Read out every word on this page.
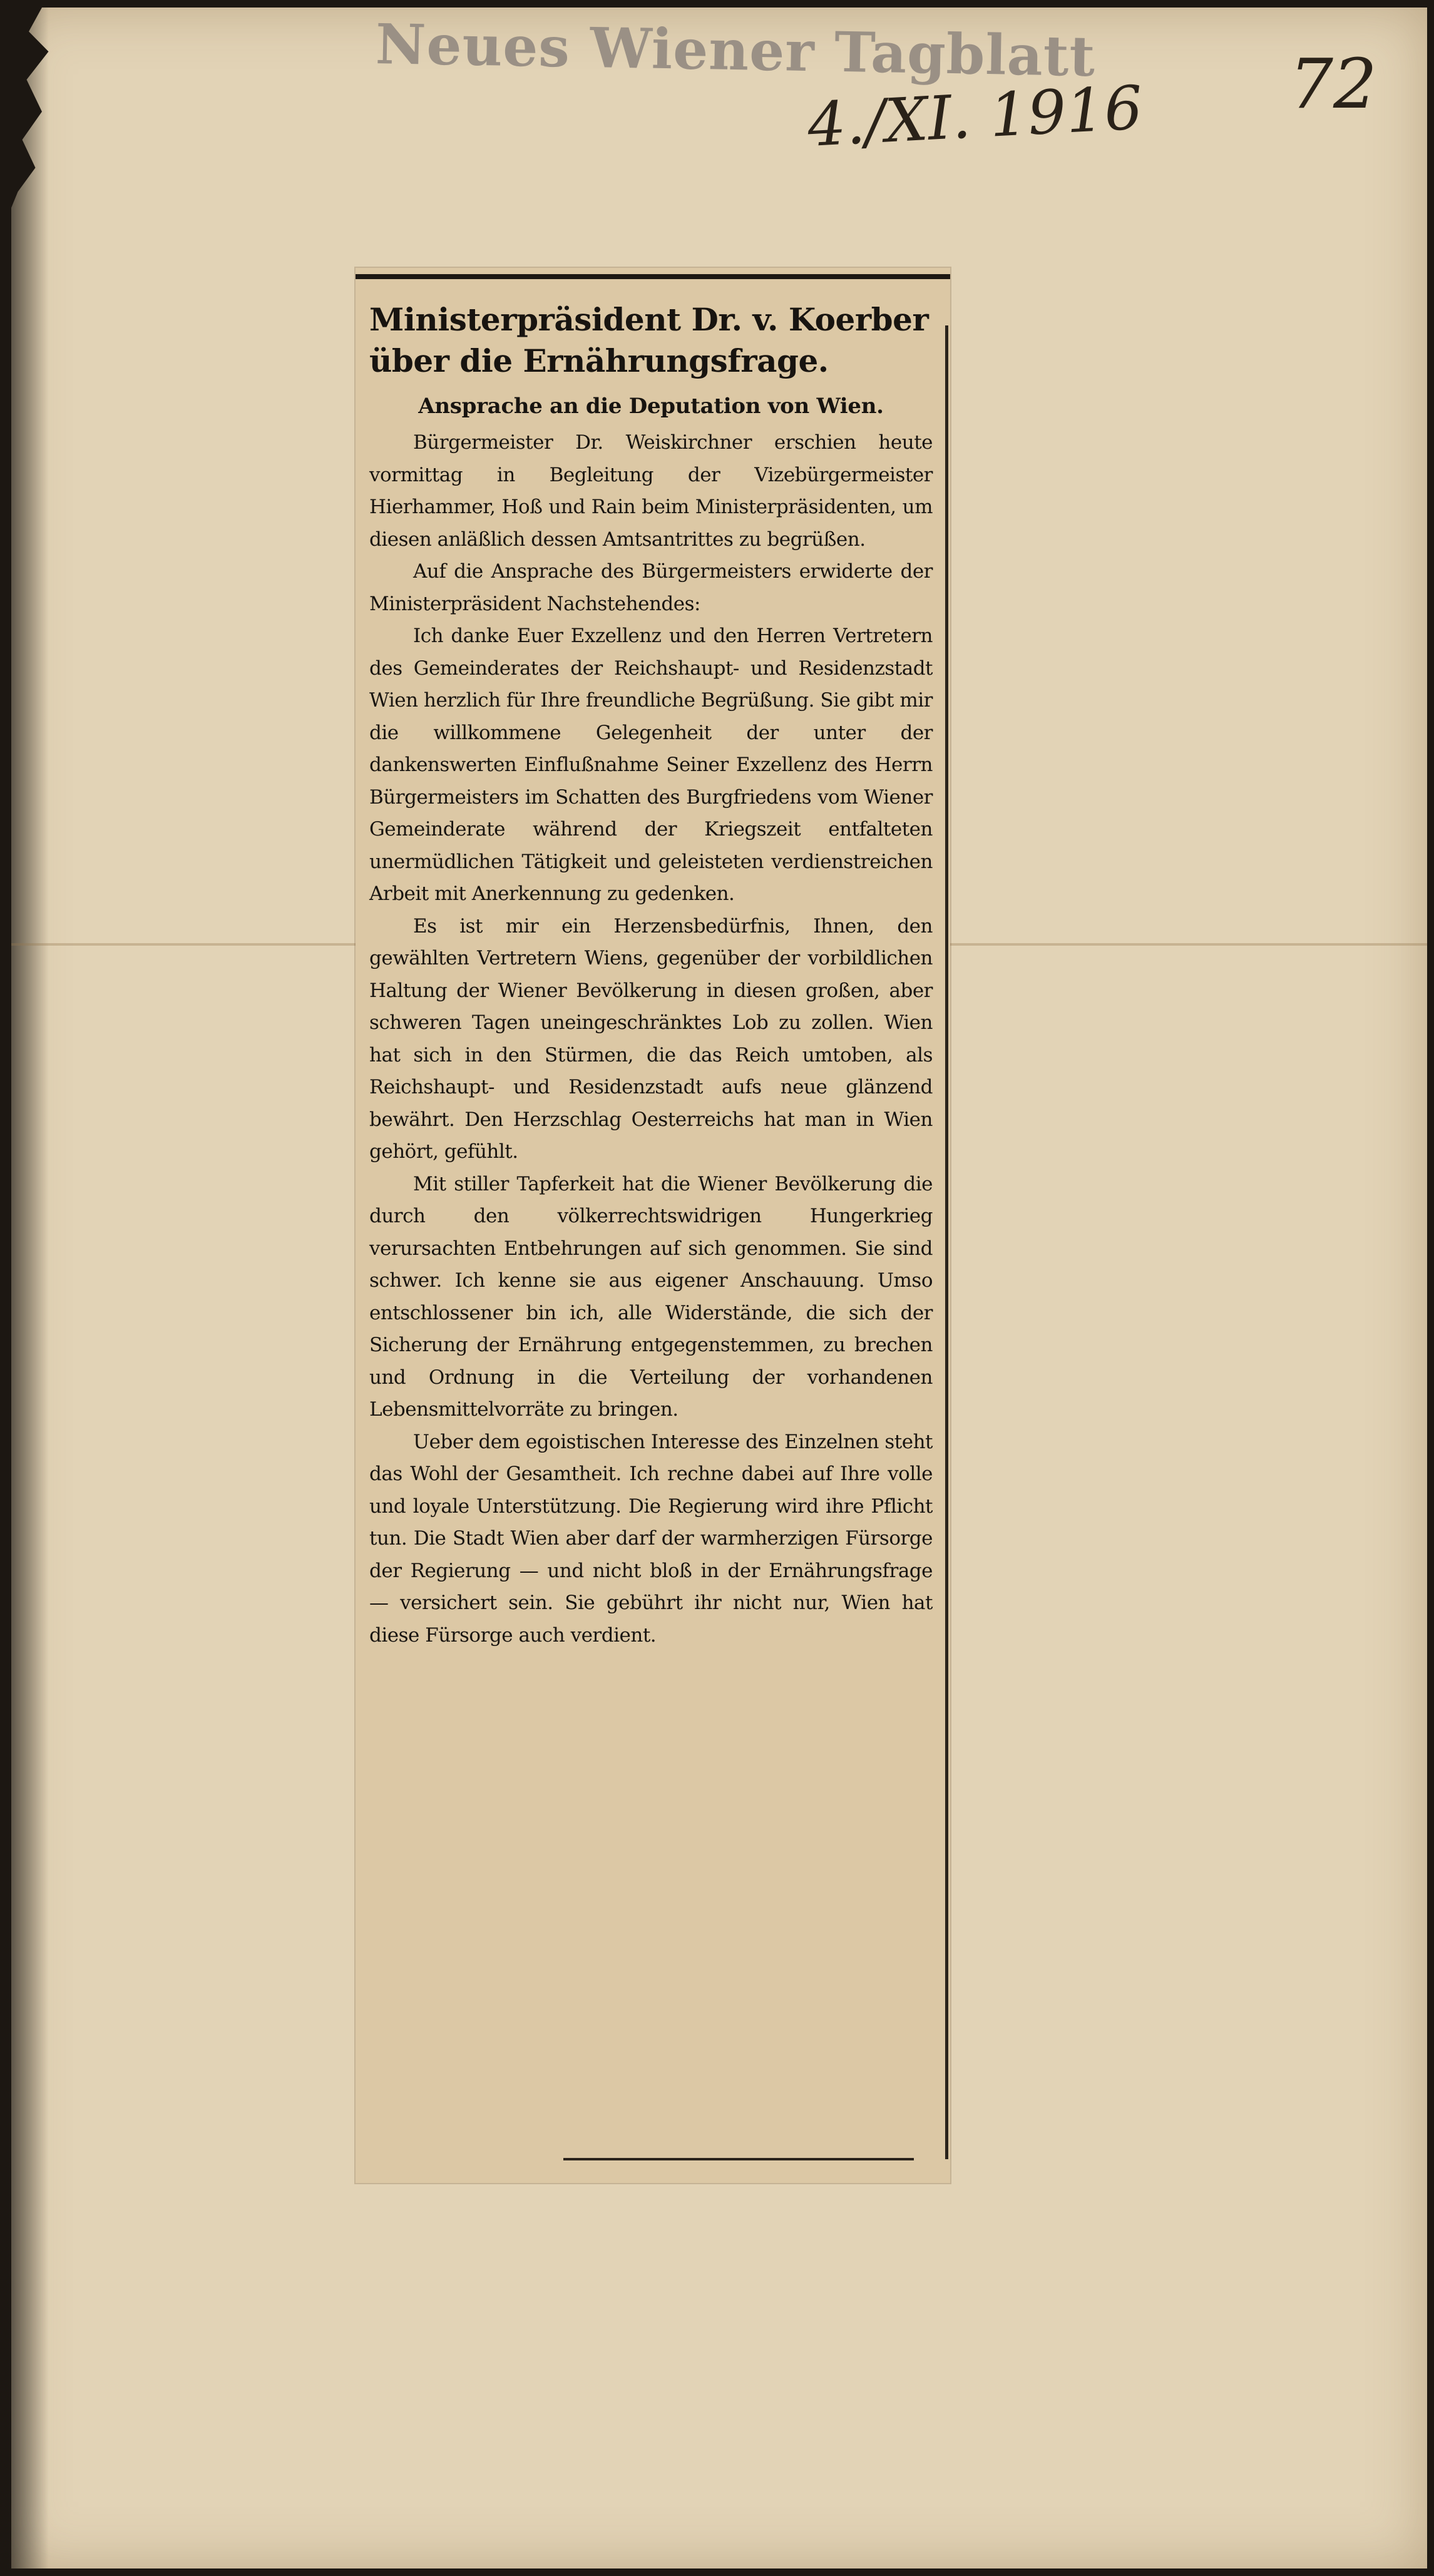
Neues Wiener Tagblatt
4./XI. 1916 72
Ministerpräsident Dr. v. Koerber
über die Ernährungsfrage.
Ansprache an die Deputation von Wien.

Bürgermeister Dr. Weiskirchner erschien heute vormittag in Begleitung der Vizebürgermeister Hierhammer, Hoß und Rain beim Ministerpräsidenten, um diesen anläßlich dessen Amtsantrittes zu begrüßen.

Auf die Ansprache des Bürgermeisters erwiderte der Ministerpräsident Nachstehendes:

Ich danke Euer Exzellenz und den Herren Vertretern des Gemeinderates der Reichshaupt- und Residenzstadt Wien herzlich für Ihre freundliche Begrüßung. Sie gibt mir die willkommene Gelegenheit der unter der dankenswerten Einflußnahme Seiner Exzellenz des Herrn Bürgermeisters im Schatten des Burgfriedens vom Wiener Gemeinderate während der Kriegszeit entfalteten unermüdlichen Tätigkeit und geleisteten verdienstreichen Arbeit mit Anerkennung zu gedenken.

Es ist mir ein Herzensbedürfnis, Ihnen, den gewählten Vertretern Wiens, gegenüber der vorbildlichen Haltung der Wiener Bevölkerung in diesen großen, aber schweren Tagen uneingeschränktes Lob zu zollen. Wien hat sich in den Stürmen, die das Reich umtoben, als Reichshaupt- und Residenzstadt aufs neue glänzend bewährt. Den Herzschlag Oesterreichs hat man in Wien gehört, gefühlt.

Mit stiller Tapferkeit hat die Wiener Bevölkerung die durch den völkerrechtswidrigen Hungerkrieg verursachten Entbehrungen auf sich genommen. Sie sind schwer. Ich kenne sie aus eigener Anschauung. Umso entschlossener bin ich, alle Widerstände, die sich der Sicherung der Ernährung entgegenstemmen, zu brechen und Ordnung in die Verteilung der vorhandenen Lebensmittelvorräte zu bringen.

Ueber dem egoistischen Interesse des Einzelnen steht das Wohl der Gesamtheit. Ich rechne dabei auf Ihre volle und loyale Unterstützung. Die Regierung wird ihre Pflicht tun. Die Stadt Wien aber darf der warmherzigen Fürsorge der Regierung — und nicht bloß in der Ernährungsfrage — versichert sein. Sie gebührt ihr nicht nur, Wien hat diese Fürsorge auch verdient.
